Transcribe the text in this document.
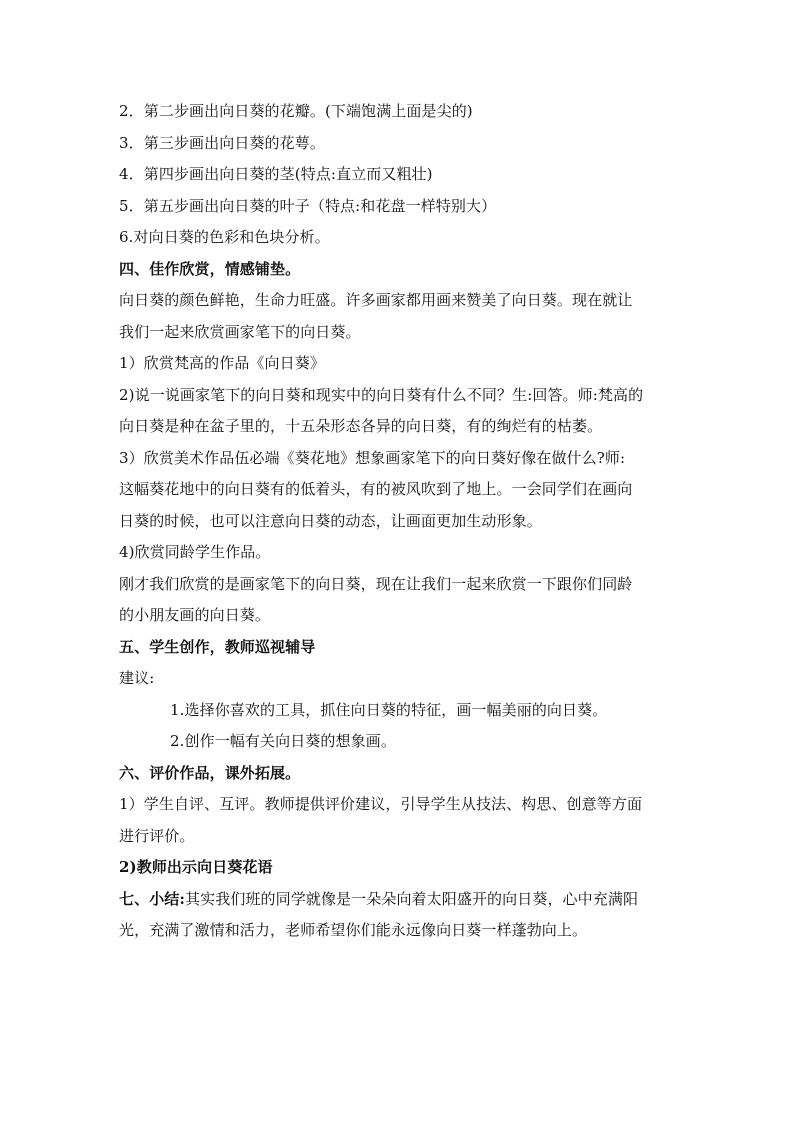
2．第二步画出向日葵的花瓣。(下端饱满上面是尖的)
3．第三步画出向日葵的花萼。
4．第四步画出向日葵的茎(特点:直立而又粗壮)
5．第五步画出向日葵的叶子（特点:和花盘一样特别大）
6.对向日葵的色彩和色块分析。
四、佳作欣赏，情感铺垫。
向日葵的颜色鲜艳，生命力旺盛。许多画家都用画来赞美了向日葵。现在就让
我们一起来欣赏画家笔下的向日葵。
1）欣赏梵高的作品《向日葵》
2)说一说画家笔下的向日葵和现实中的向日葵有什么不同？生:回答。师:梵高的
向日葵是种在盆子里的，十五朵形态各异的向日葵，有的绚烂有的枯萎。
3）欣赏美术作品伍必端《葵花地》想象画家笔下的向日葵好像在做什么?师:
这幅葵花地中的向日葵有的低着头，有的被风吹到了地上。一会同学们在画向
日葵的时候，也可以注意向日葵的动态，让画面更加生动形象。
4)欣赏同龄学生作品。
刚才我们欣赏的是画家笔下的向日葵，现在让我们一起来欣赏一下跟你们同龄
的小朋友画的向日葵。
五、学生创作，教师巡视辅导
建议:
1.选择你喜欢的工具，抓住向日葵的特征，画一幅美丽的向日葵。
2.创作一幅有关向日葵的想象画。
六、评价作品，课外拓展。
1）学生自评、互评。教师提供评价建议，引导学生从技法、构思、创意等方面
进行评价。
2)教师出示向日葵花语
七、小结:其实我们班的同学就像是一朵朵向着太阳盛开的向日葵，心中充满阳
光，充满了激情和活力，老师希望你们能永远像向日葵一样蓬勃向上。
